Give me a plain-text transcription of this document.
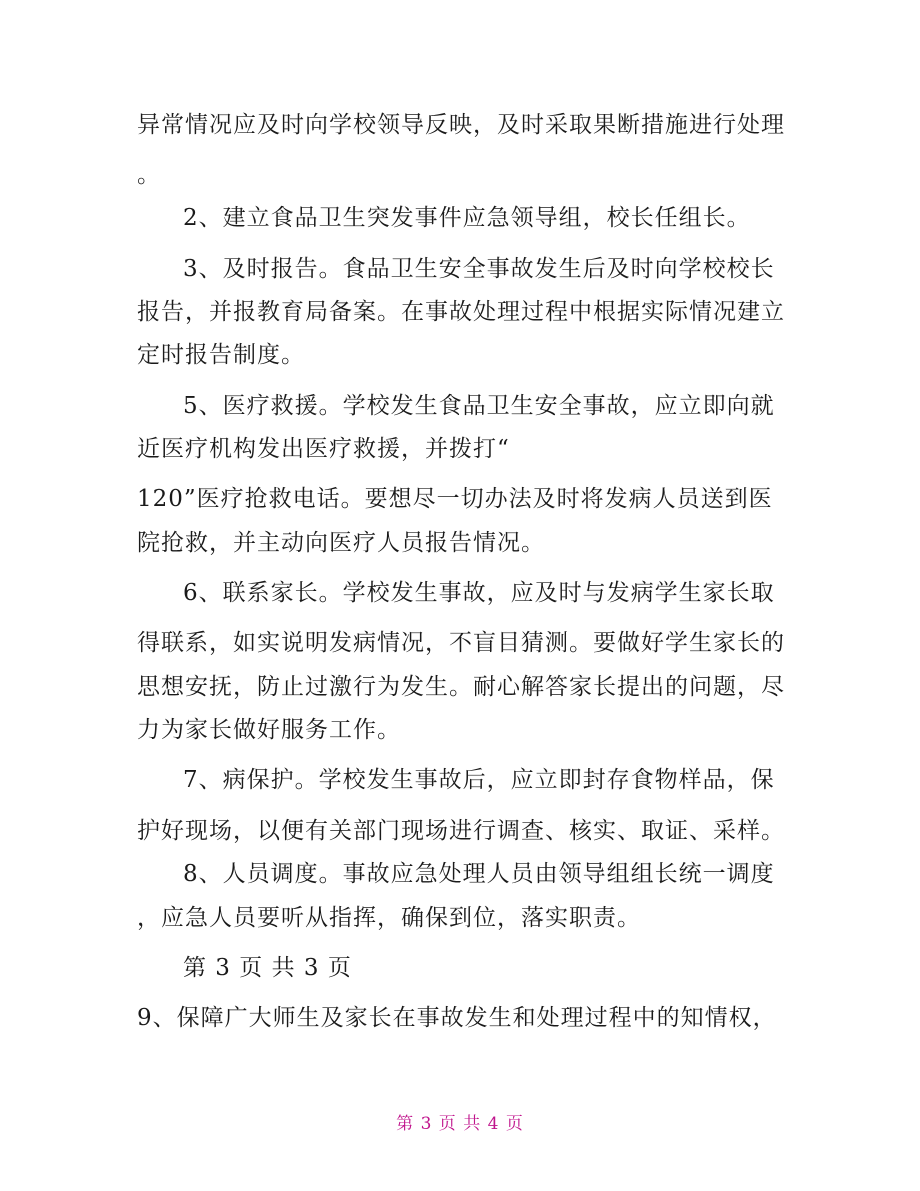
异常情况应及时向学校领导反映，及时采取果断措施进行处理
。
2、建立食品卫生突发事件应急领导组，校长任组长。
3、及时报告。食品卫生安全事故发生后及时向学校校长
报告，并报教育局备案。在事故处理过程中根据实际情况建立
定时报告制度。
5、医疗救援。学校发生食品卫生安全事故，应立即向就
近医疗机构发出医疗救援，并拨打“
120”医疗抢救电话。要想尽一切办法及时将发病人员送到医
院抢救，并主动向医疗人员报告情况。
6、联系家长。学校发生事故，应及时与发病学生家长取
得联系，如实说明发病情况，不盲目猜测。要做好学生家长的
思想安抚，防止过激行为发生。耐心解答家长提出的问题，尽
力为家长做好服务工作。
7、病保护。学校发生事故后，应立即封存食物样品，保
护好现场，以便有关部门现场进行调查、核实、取证、采样。
8、人员调度。事故应急处理人员由领导组组长统一调度
，应急人员要听从指挥，确保到位，落实职责。
第 3 页 共 3 页
9、保障广大师生及家长在事故发生和处理过程中的知情权，
第 3 页 共 4 页
